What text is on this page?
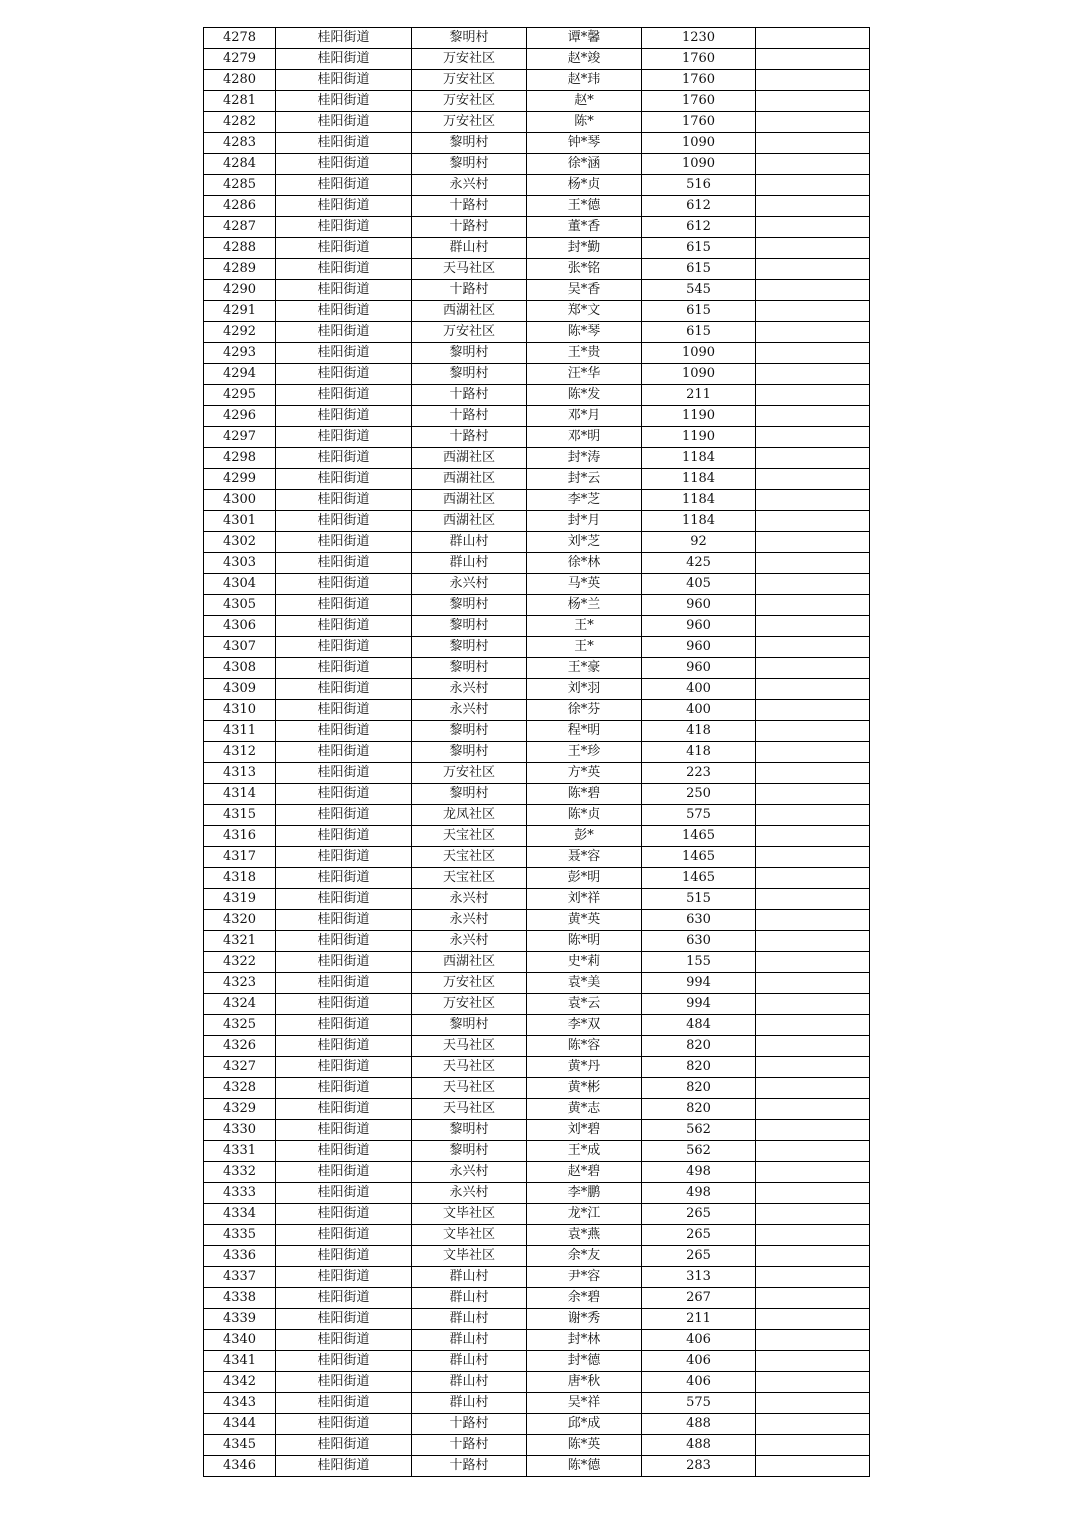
4278	桂阳街道	黎明村	谭*馨	1230	
4279	桂阳街道	万安社区	赵*竣	1760	
4280	桂阳街道	万安社区	赵*玮	1760	
4281	桂阳街道	万安社区	赵*	1760	
4282	桂阳街道	万安社区	陈*	1760	
4283	桂阳街道	黎明村	钟*琴	1090	
4284	桂阳街道	黎明村	徐*涵	1090	
4285	桂阳街道	永兴村	杨*贞	516	
4286	桂阳街道	十路村	王*德	612	
4287	桂阳街道	十路村	董*香	612	
4288	桂阳街道	群山村	封*勤	615	
4289	桂阳街道	天马社区	张*铭	615	
4290	桂阳街道	十路村	吴*香	545	
4291	桂阳街道	西湖社区	郑*文	615	
4292	桂阳街道	万安社区	陈*琴	615	
4293	桂阳街道	黎明村	王*贵	1090	
4294	桂阳街道	黎明村	汪*华	1090	
4295	桂阳街道	十路村	陈*发	211	
4296	桂阳街道	十路村	邓*月	1190	
4297	桂阳街道	十路村	邓*明	1190	
4298	桂阳街道	西湖社区	封*涛	1184	
4299	桂阳街道	西湖社区	封*云	1184	
4300	桂阳街道	西湖社区	李*芝	1184	
4301	桂阳街道	西湖社区	封*月	1184	
4302	桂阳街道	群山村	刘*芝	92	
4303	桂阳街道	群山村	徐*林	425	
4304	桂阳街道	永兴村	马*英	405	
4305	桂阳街道	黎明村	杨*兰	960	
4306	桂阳街道	黎明村	王*	960	
4307	桂阳街道	黎明村	王*	960	
4308	桂阳街道	黎明村	王*豪	960	
4309	桂阳街道	永兴村	刘*羽	400	
4310	桂阳街道	永兴村	徐*芬	400	
4311	桂阳街道	黎明村	程*明	418	
4312	桂阳街道	黎明村	王*珍	418	
4313	桂阳街道	万安社区	方*英	223	
4314	桂阳街道	黎明村	陈*碧	250	
4315	桂阳街道	龙凤社区	陈*贞	575	
4316	桂阳街道	天宝社区	彭*	1465	
4317	桂阳街道	天宝社区	聂*容	1465	
4318	桂阳街道	天宝社区	彭*明	1465	
4319	桂阳街道	永兴村	刘*祥	515	
4320	桂阳街道	永兴村	黄*英	630	
4321	桂阳街道	永兴村	陈*明	630	
4322	桂阳街道	西湖社区	史*莉	155	
4323	桂阳街道	万安社区	袁*美	994	
4324	桂阳街道	万安社区	袁*云	994	
4325	桂阳街道	黎明村	李*双	484	
4326	桂阳街道	天马社区	陈*容	820	
4327	桂阳街道	天马社区	黄*丹	820	
4328	桂阳街道	天马社区	黄*彬	820	
4329	桂阳街道	天马社区	黄*志	820	
4330	桂阳街道	黎明村	刘*碧	562	
4331	桂阳街道	黎明村	王*成	562	
4332	桂阳街道	永兴村	赵*碧	498	
4333	桂阳街道	永兴村	李*鹏	498	
4334	桂阳街道	文毕社区	龙*江	265	
4335	桂阳街道	文毕社区	袁*燕	265	
4336	桂阳街道	文毕社区	余*友	265	
4337	桂阳街道	群山村	尹*容	313	
4338	桂阳街道	群山村	余*碧	267	
4339	桂阳街道	群山村	谢*秀	211	
4340	桂阳街道	群山村	封*林	406	
4341	桂阳街道	群山村	封*德	406	
4342	桂阳街道	群山村	唐*秋	406	
4343	桂阳街道	群山村	吴*祥	575	
4344	桂阳街道	十路村	邱*成	488	
4345	桂阳街道	十路村	陈*英	488	
4346	桂阳街道	十路村	陈*德	283	
